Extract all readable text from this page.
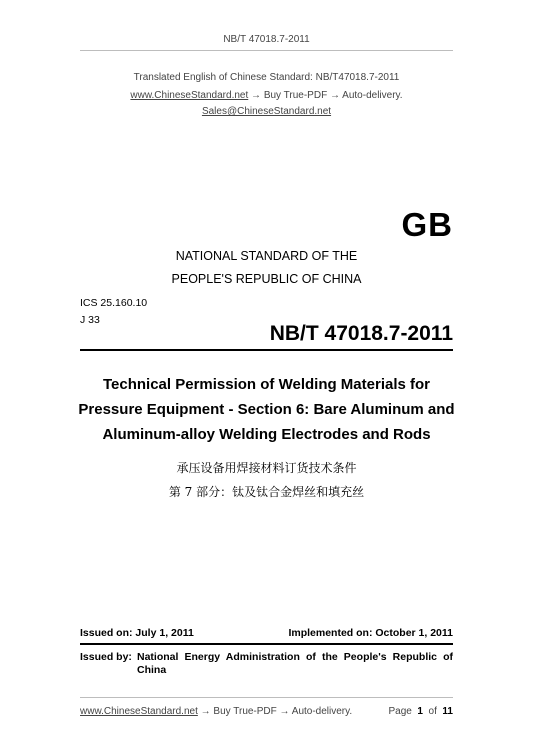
NB/T 47018.7-2011
Translated English of Chinese Standard: NB/T47018.7-2011
www.ChineseStandard.net → Buy True-PDF → Auto-delivery.
Sales@ChineseStandard.net
GB
NATIONAL STANDARD OF THE
PEOPLE'S REPUBLIC OF CHINA
ICS 25.160.10
J 33
NB/T 47018.7-2011
Technical Permission of Welding Materials for
Pressure Equipment - Section 6: Bare Aluminum and
Aluminum-alloy Welding Electrodes and Rods
承压设备用焊接材料订货技术条件
第 7 部分：钛及钛合金焊丝和填充丝
Issued on: July 1, 2011	Implemented on: October 1, 2011
Issued by: National Energy Administration of the People's Republic of China
www.ChineseStandard.net → Buy True-PDF → Auto-delivery.	Page 1 of 11
